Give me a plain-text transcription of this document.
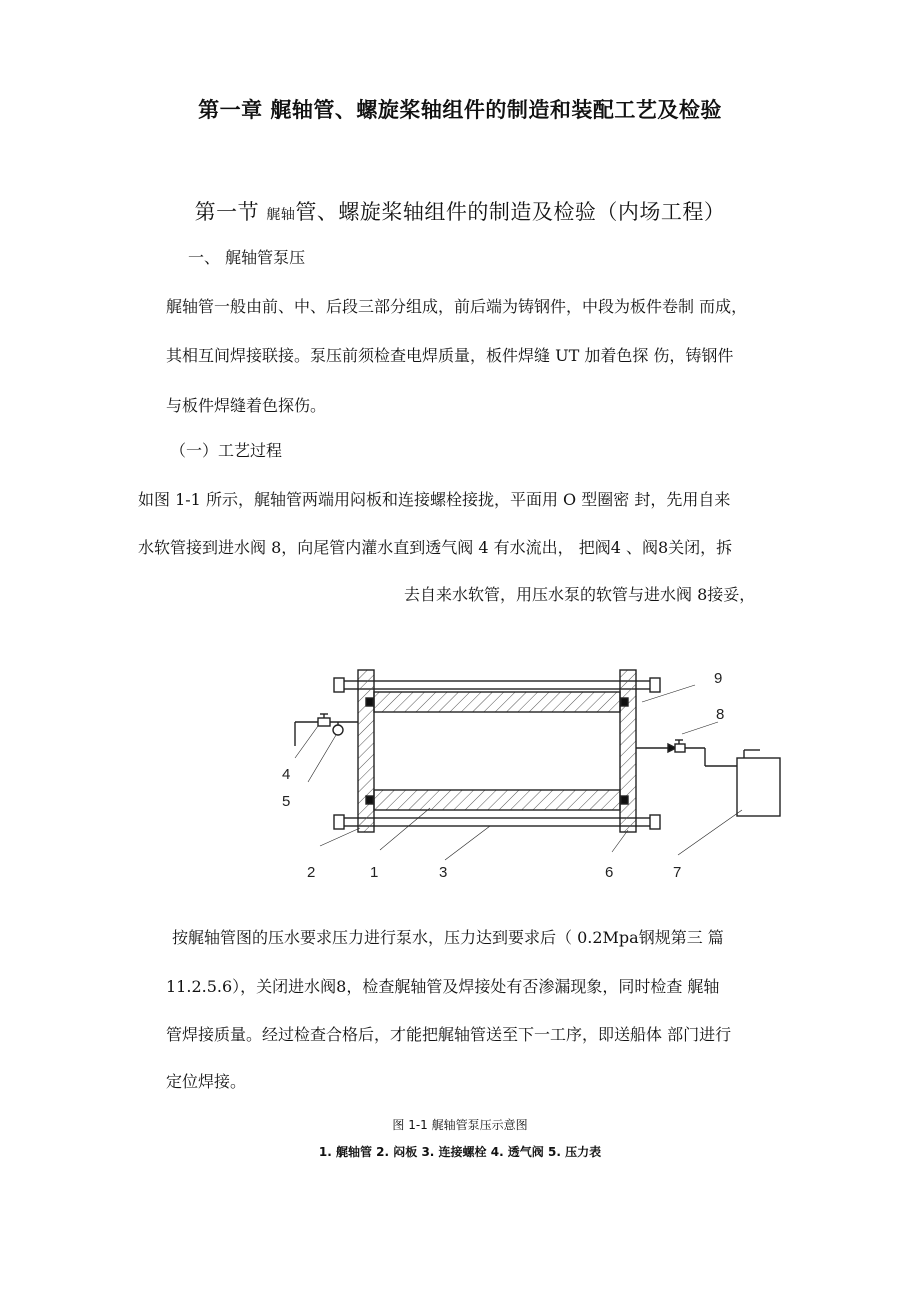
第一章 艉轴管、螺旋桨轴组件的制造和装配工艺及检验
第一节 艉轴管、螺旋桨轴组件的制造及检验（内场工程）
一、 艉轴管泵压
艉轴管一般由前、中、后段三部分组成，前后端为铸钢件，中段为板件卷制 而成，
其相互间焊接联接。泵压前须检查电焊质量，板件焊缝 UT 加着色探 伤，铸钢件
与板件焊缝着色探伤。
（一）工艺过程
如图 1-1 所示，艉轴管两端用闷板和连接螺栓接拢，平面用 O 型圈密 封，先用自来
水软管接到进水阀 8，向尾管内灌水直到透气阀 4 有水流出， 把阀4 、阀8关闭，拆
去自来水软管，用压水泵的软管与进水阀 8接妥，
9
8
4
5
2	1	3	6	7
按艉轴管图的压水要求压力进行泵水，压力达到要求后（ 0.2Mpa钢规第三 篇
11.2.5.6），关闭进水阀8，检查艉轴管及焊接处有否渗漏现象，同时检查 艉轴
管焊接质量。经过检查合格后，才能把艉轴管送至下一工序，即送船体 部门进行
定位焊接。
图 1-1 艉轴管泵压示意图
1. 艉轴管 2. 闷板 3. 连接螺栓 4. 透气阀 5. 压力表
